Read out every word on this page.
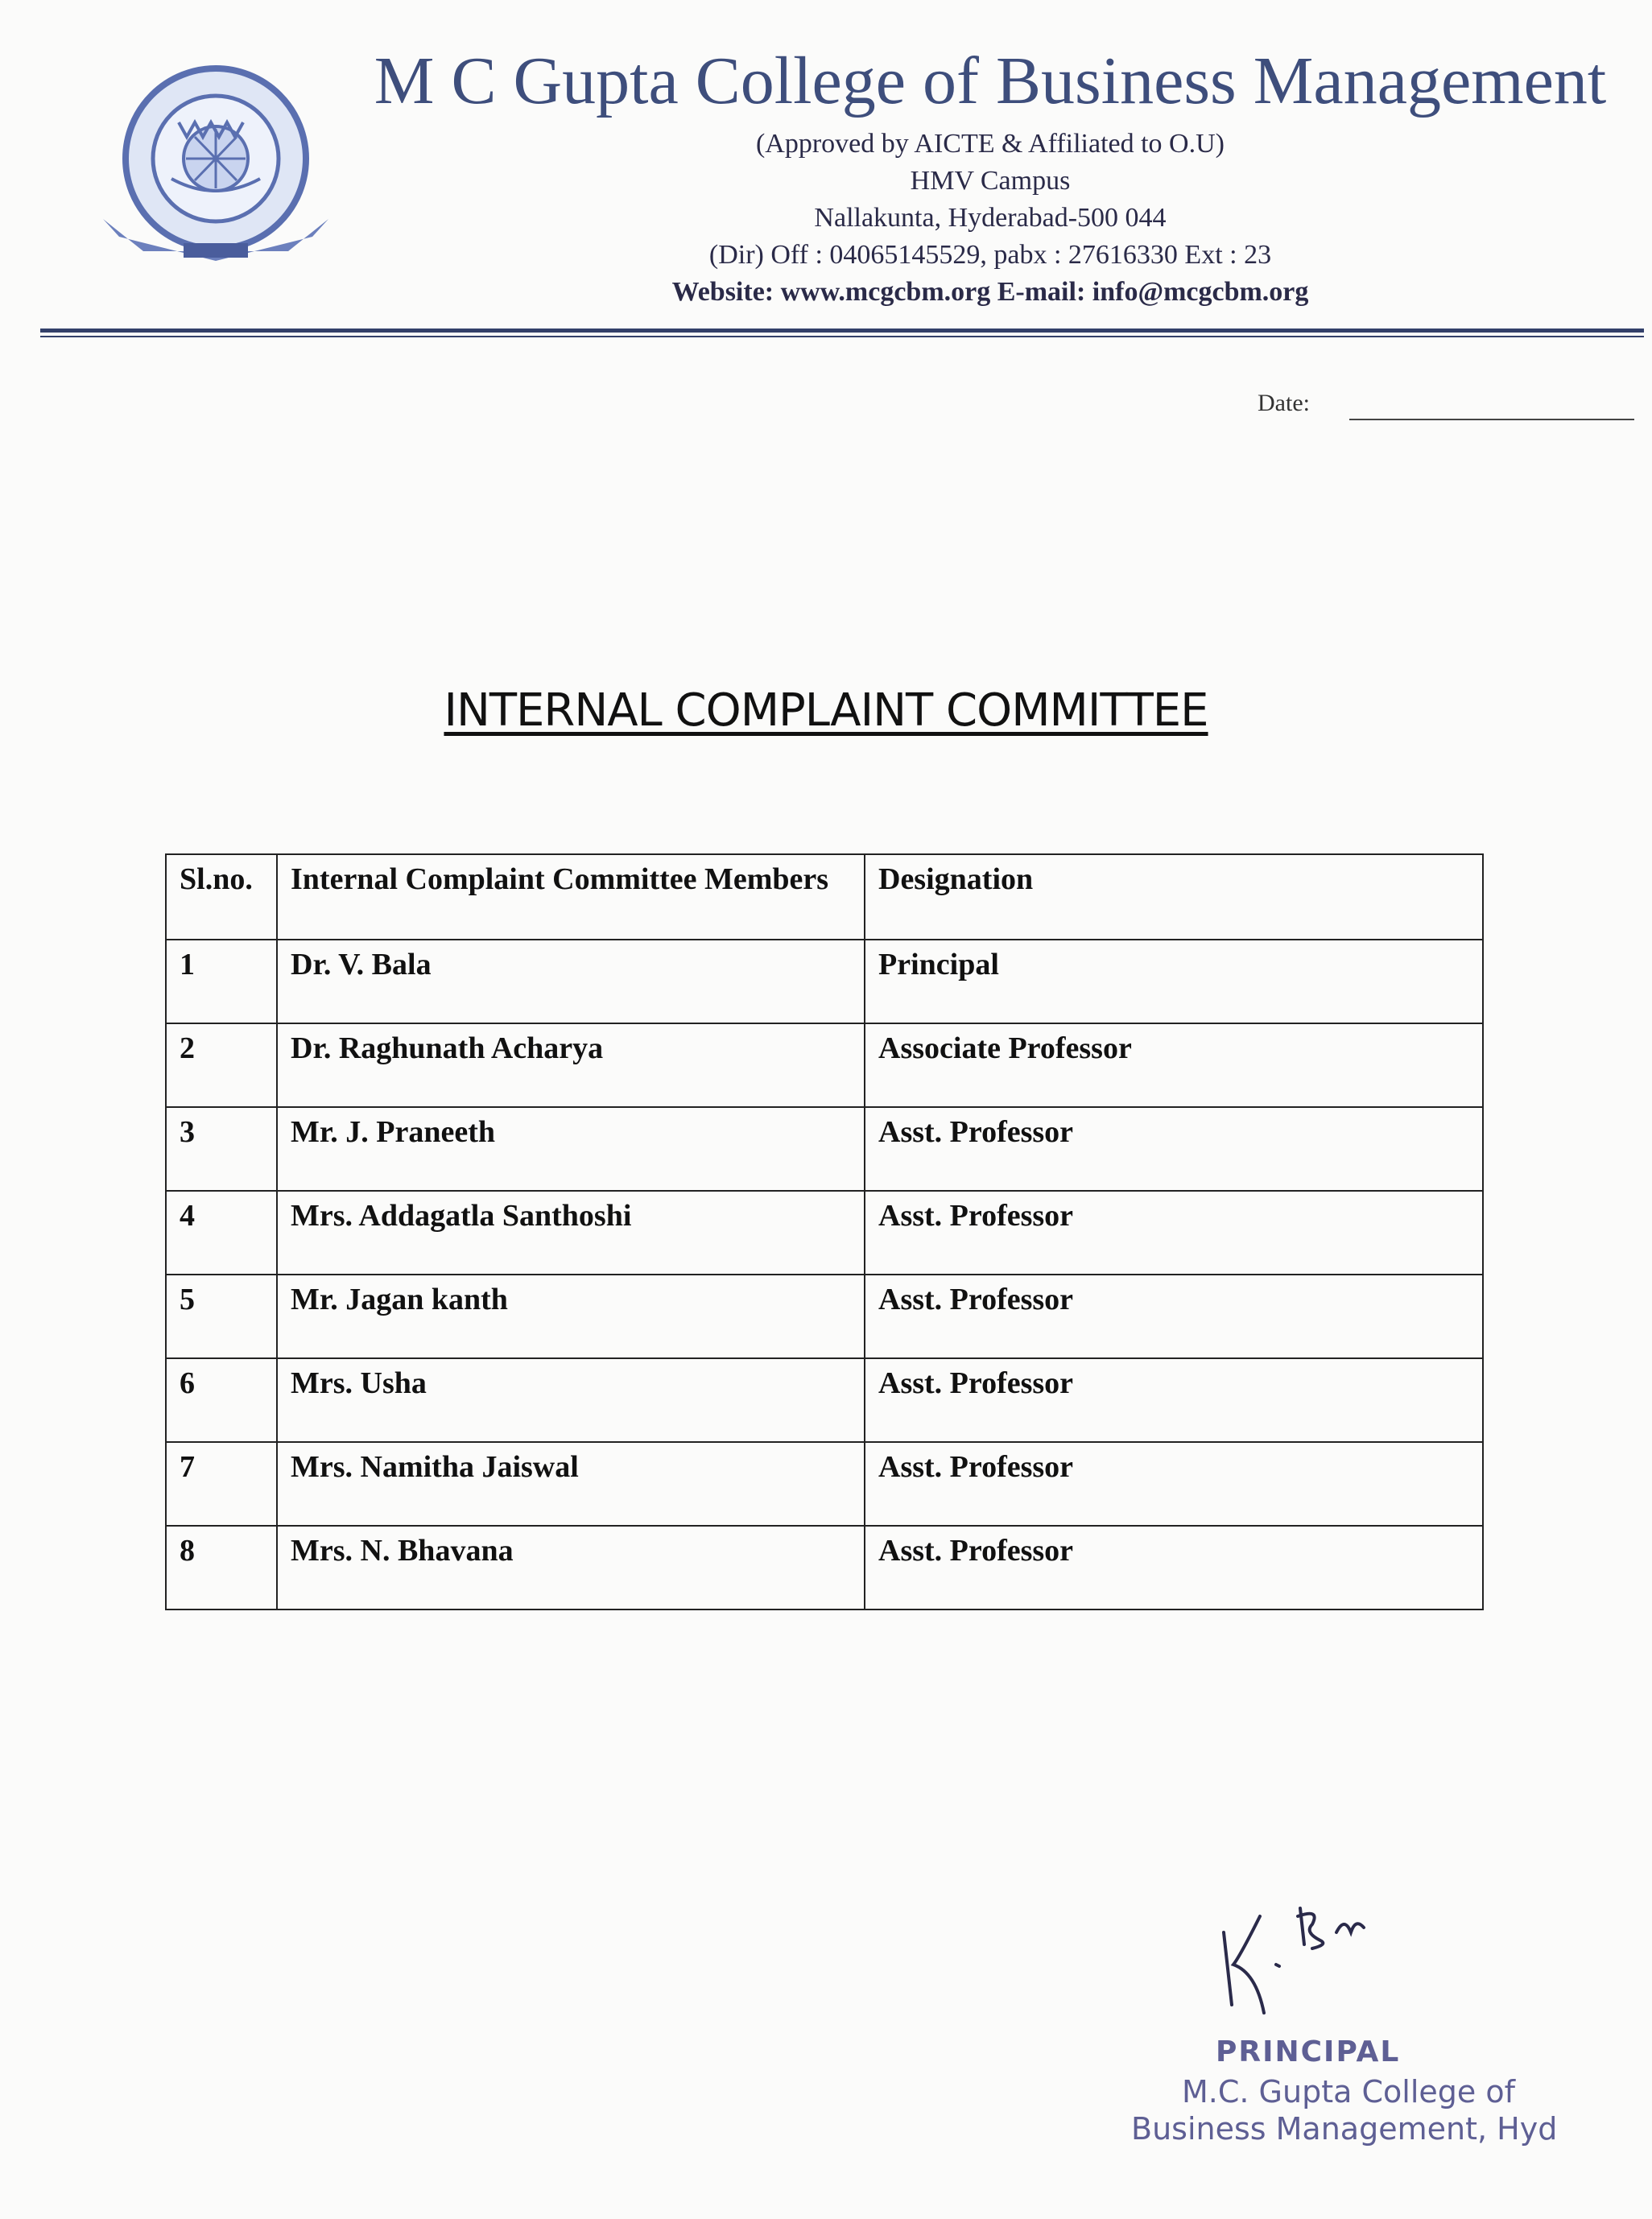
M C Gupta College of Business Management
(Approved by AICTE & Affiliated to O.U)
HMV Campus
Nallakunta, Hyderabad-500 044
(Dir) Off : 04065145529, pabx : 27616330 Ext : 23
Website: www.mcgcbm.org E-mail: info@mcgcbm.org
Date:
INTERNAL COMPLAINT COMMITTEE
Sl.no.	Internal Complaint Committee Members	Designation
1	Dr. V. Bala	Principal
2	Dr. Raghunath Acharya	Associate Professor
3	Mr. J. Praneeth	Asst. Professor
4	Mrs. Addagatla Santhoshi	Asst. Professor
5	Mr. Jagan kanth	Asst. Professor
6	Mrs. Usha	Asst. Professor
7	Mrs. Namitha Jaiswal	Asst. Professor
8	Mrs. N. Bhavana	Asst. Professor
PRINCIPAL
M.C. Gupta College of
Business Management, Hyd
